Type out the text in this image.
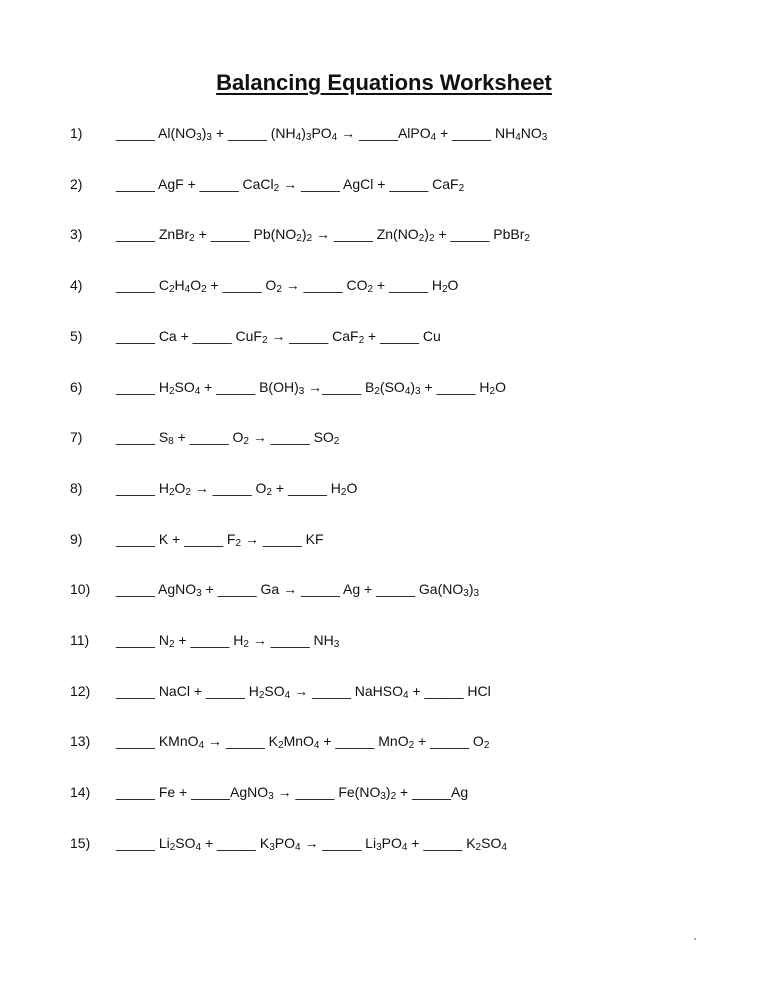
Balancing Equations Worksheet
1) _____ $Al(NO_3)_3$ + _____ $(NH_4)_3PO_4$ → _____AlPO$_4$ + _____ $NH_4NO_3$
2) _____ AgF + _____ CaCl$_2$ → _____ AgCl + _____ CaF$_2$
3) _____ ZnBr$_2$ + _____ $Pb(NO_2)_2$ → _____ $Zn(NO_2)_2$ + _____ PbBr$_2$
4) _____ $C_2H_4O_2$ + _____ $O_2$ → _____ $CO_2$ + _____ $H_2O$
5) _____ Ca + _____ CuF$_2$ → _____ CaF$_2$ + _____ Cu
6) _____ $H_2SO_4$ + _____ $B(OH)_3$ →_____ $B_2(SO_4)_3$ + _____ $H_2O$
7) _____ $S_8$ + _____ $O_2$ → _____ $SO_2$
8) _____ $H_2O_2$ → _____ $O_2$ + _____ $H_2O$
9) _____ K + _____ $F_2$ → _____ KF
10) _____ AgNO$_3$ + _____ Ga → _____ Ag + _____ $Ga(NO_3)_3$
11) _____ $N_2$ + _____ $H_2$ → _____ $NH_3$
12) _____ NaCl + _____ $H_2SO_4$ → _____ NaHSO$_4$ + _____ HCl
13) _____ KMnO$_4$ → _____ $K_2MnO_4$ + _____ MnO$_2$ + _____ $O_2$
14) _____ Fe + _____AgNO$_3$ → _____ $Fe(NO_3)_2$ + _____Ag
15) _____ $Li_2SO_4$ + _____ $K_3PO_4$ → _____ $Li_3PO_4$ + _____ $K_2SO_4$
